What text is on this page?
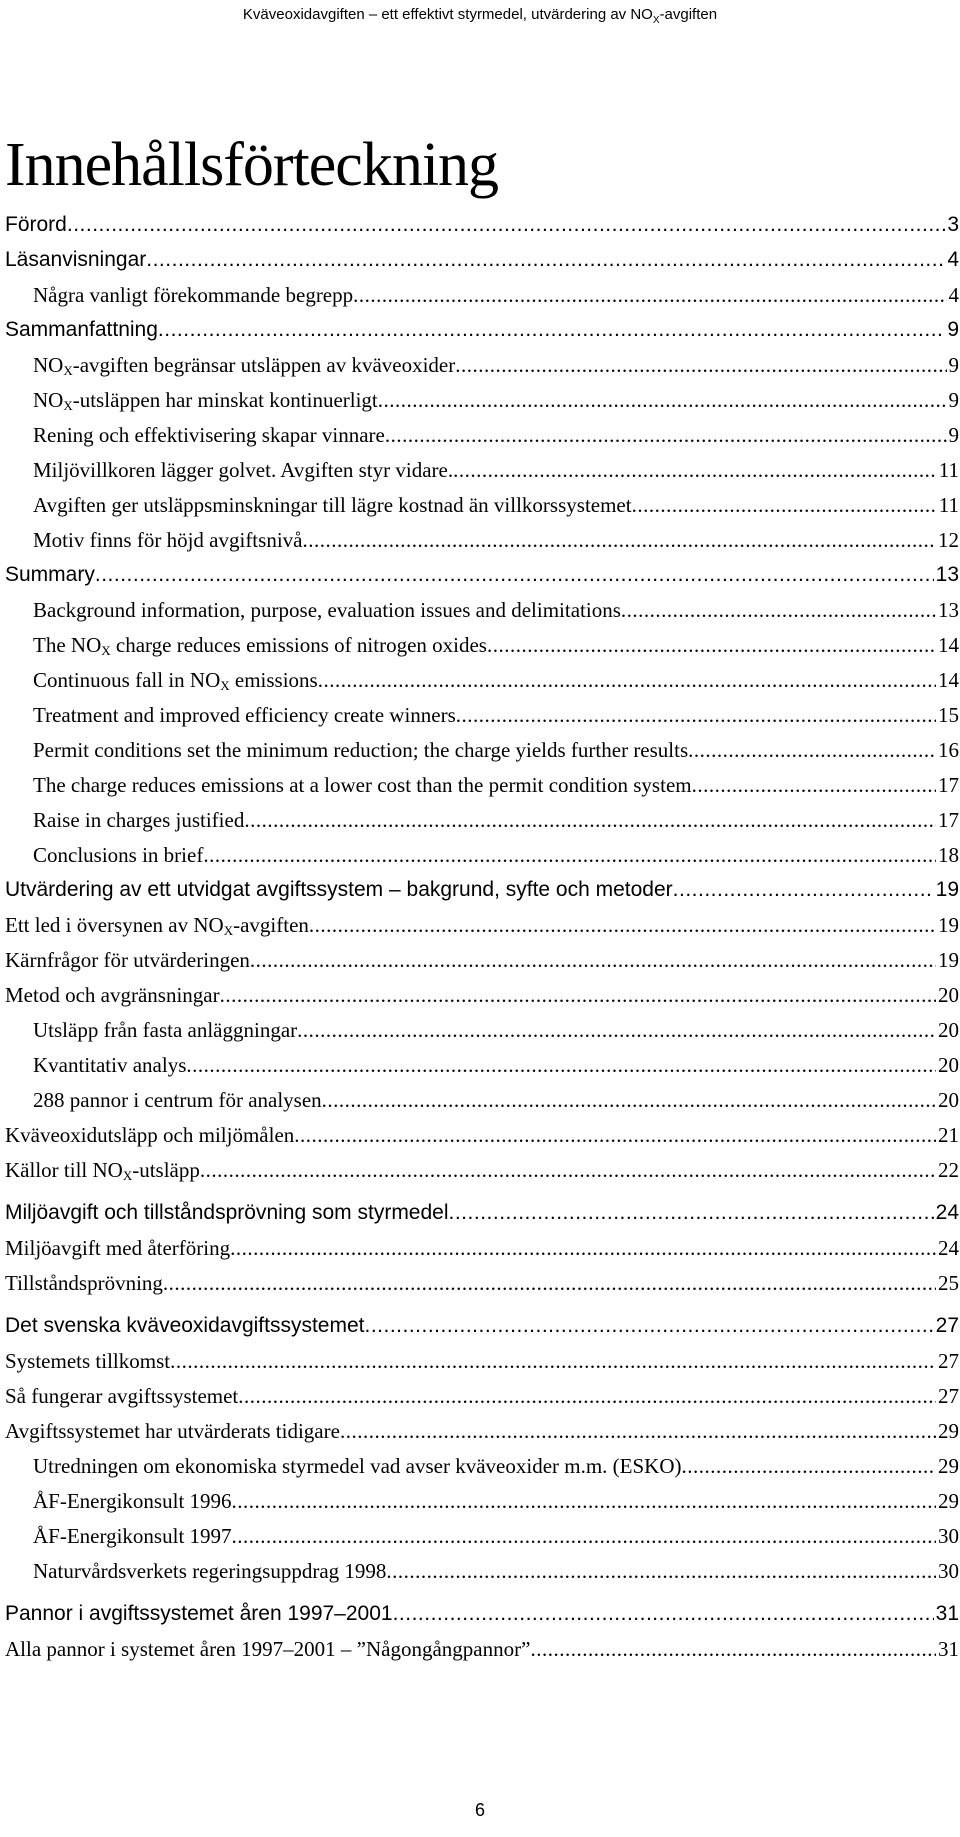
Kväveoxidavgiften – ett effektivt styrmedel, utvärdering av $NO_X$-avgiften
Innehållsförteckning
Förord .....	3
Läsanvisningar .....	4
Några vanligt förekommande begrepp .....	4
Sammanfattning .....	9
$NO_X$-avgiften begränsar utsläppen av kväveoxider .....	9
$NO_X$-utsläppen har minskat kontinuerligt .....	9
Rening och effektivisering skapar vinnare .....	9
Miljövillkoren lägger golvet. Avgiften styr vidare. .....	11
Avgiften ger utsläppsminskningar till lägre kostnad än villkorssystemet .....	11
Motiv finns för höjd avgiftsnivå .....	12
Summary .....	13
Background information, purpose, evaluation issues and delimitations .....	13
The $NO_X$ charge reduces emissions of nitrogen oxides .....	14
Continuous fall in $NO_X$ emissions .....	14
Treatment and improved efficiency create winners .....	15
Permit conditions set the minimum reduction; the charge yields further results .....	16
The charge reduces emissions at a lower cost than the permit condition system .....	17
Raise in charges justified .....	17
Conclusions in brief .....	18
Utvärdering av ett utvidgat avgiftssystem – bakgrund, syfte och metoder .....	19
Ett led i översynen av $NO_X$-avgiften .....	19
Kärnfrågor för utvärderingen .....	19
Metod och avgränsningar .....	20
Utsläpp från fasta anläggningar .....	20
Kvantitativ analys .....	20
288 pannor i centrum för analysen .....	20
Kväveoxidutsläpp och miljömålen .....	21
Källor till $NO_X$-utsläpp .....	22
Miljöavgift och tillståndsprövning som styrmedel .....	24
Miljöavgift med återföring .....	24
Tillståndsprövning .....	25
Det svenska kväveoxidavgiftssystemet .....	27
Systemets tillkomst .....	27
Så fungerar avgiftssystemet .....	27
Avgiftssystemet har utvärderats tidigare .....	29
Utredningen om ekonomiska styrmedel vad avser kväveoxider m.m. (ESKO) .....	29
ÅF-Energikonsult 1996 .....	29
ÅF-Energikonsult 1997 .....	30
Naturvårdsverkets regeringsuppdrag 1998 .....	30
Pannor i avgiftssystemet åren 1997–2001 .....	31
Alla pannor i systemet åren 1997–2001 – ”Någongångpannor” .....	31
6
